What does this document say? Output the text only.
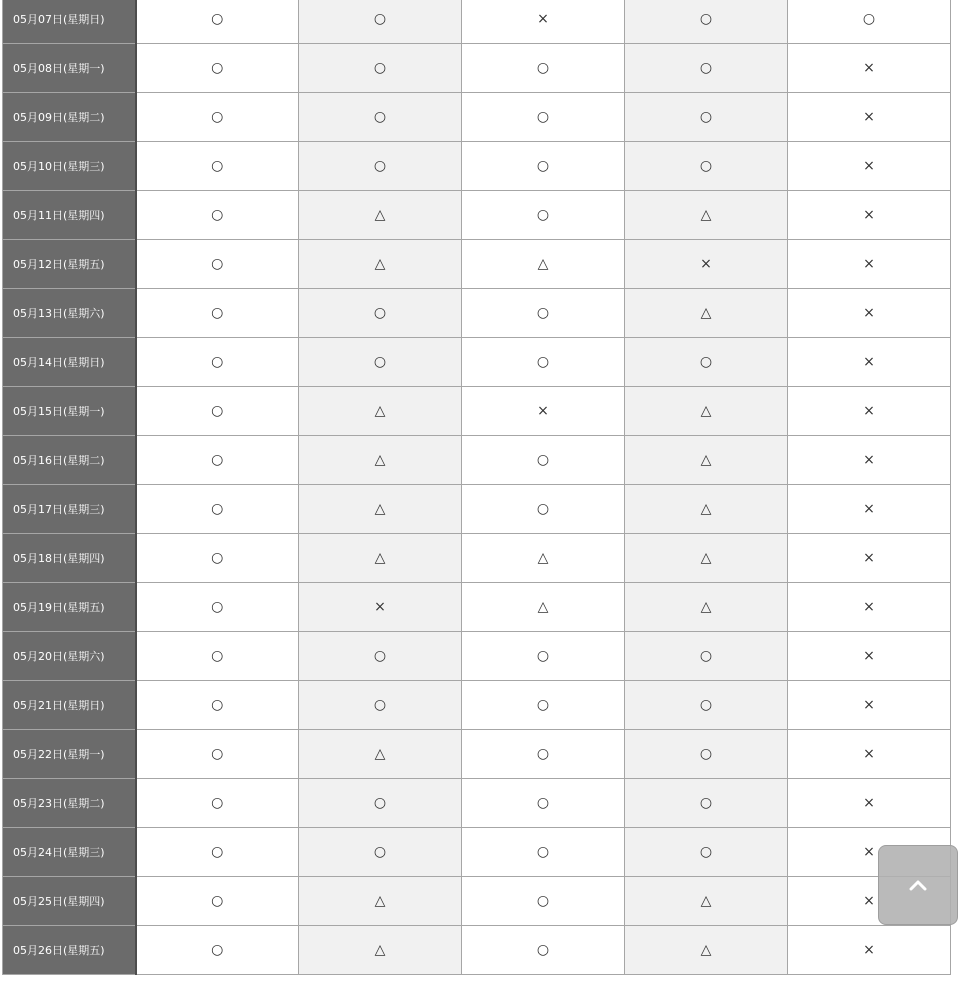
05月07日(星期日)	○	○	×	○	○
05月08日(星期一)	○	○	○	○	×
05月09日(星期二)	○	○	○	○	×
05月10日(星期三)	○	○	○	○	×
05月11日(星期四)	○	△	○	△	×
05月12日(星期五)	○	△	△	×	×
05月13日(星期六)	○	○	○	△	×
05月14日(星期日)	○	○	○	○	×
05月15日(星期一)	○	△	×	△	×
05月16日(星期二)	○	△	○	△	×
05月17日(星期三)	○	△	○	△	×
05月18日(星期四)	○	△	△	△	×
05月19日(星期五)	○	×	△	△	×
05月20日(星期六)	○	○	○	○	×
05月21日(星期日)	○	○	○	○	×
05月22日(星期一)	○	△	○	○	×
05月23日(星期二)	○	○	○	○	×
05月24日(星期三)	○	○	○	○	×
05月25日(星期四)	○	△	○	△	×
05月26日(星期五)	○	△	○	△	×
